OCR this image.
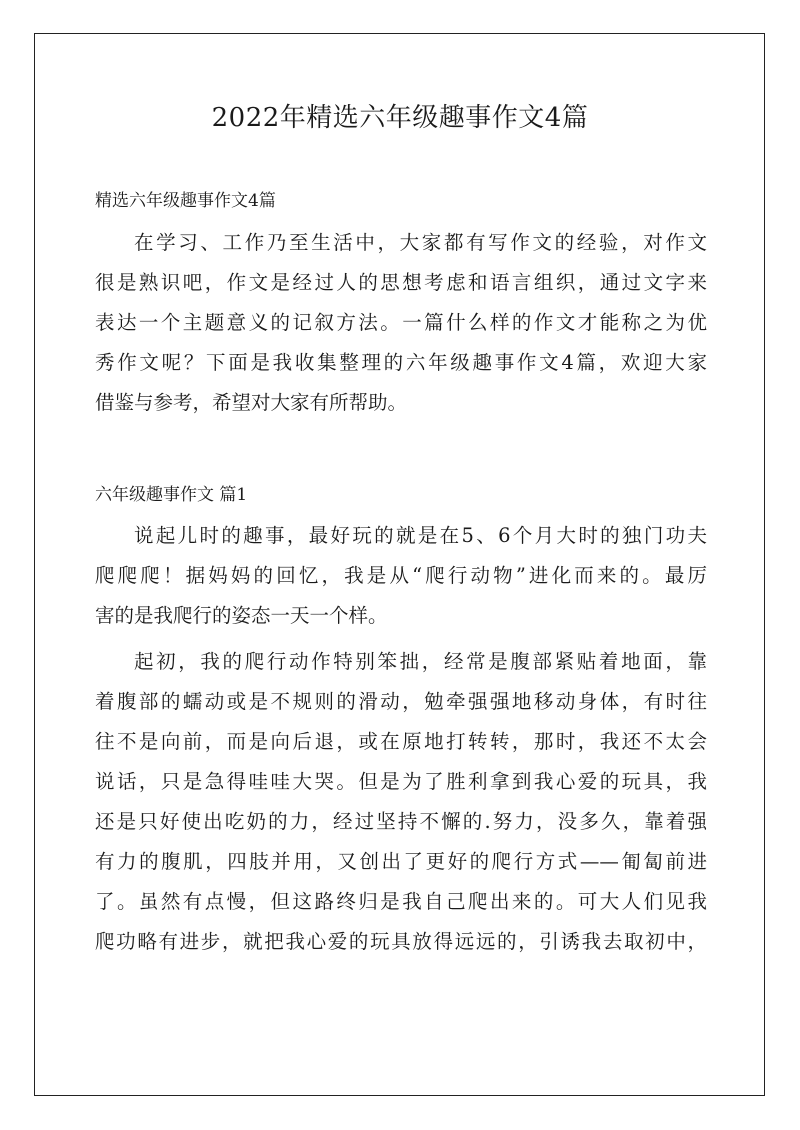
2022年精选六年级趣事作文4篇
精选六年级趣事作文4篇
在学习、工作乃至生活中，大家都有写作文的经验，对作文
很是熟识吧，作文是经过人的思想考虑和语言组织，通过文字来
表达一个主题意义的记叙方法。一篇什么样的作文才能称之为优
秀作文呢？下面是我收集整理的六年级趣事作文4篇，欢迎大家
借鉴与参考，希望对大家有所帮助。
六年级趣事作文 篇1
说起儿时的趣事，最好玩的就是在5、6个月大时的独门功夫
爬爬爬！据妈妈的回忆，我是从“爬行动物”进化而来的。最厉
害的是我爬行的姿态一天一个样。
起初，我的爬行动作特别笨拙，经常是腹部紧贴着地面，靠
着腹部的蠕动或是不规则的滑动，勉牵强强地移动身体，有时往
往不是向前，而是向后退，或在原地打转转，那时，我还不太会
说话，只是急得哇哇大哭。但是为了胜利拿到我心爱的玩具，我
还是只好使出吃奶的力，经过坚持不懈的.努力，没多久，靠着强
有力的腹肌，四肢并用，又创出了更好的爬行方式——匍匐前进
了。虽然有点慢，但这路终归是我自己爬出来的。可大人们见我
爬功略有进步，就把我心爱的玩具放得远远的，引诱我去取初中，
